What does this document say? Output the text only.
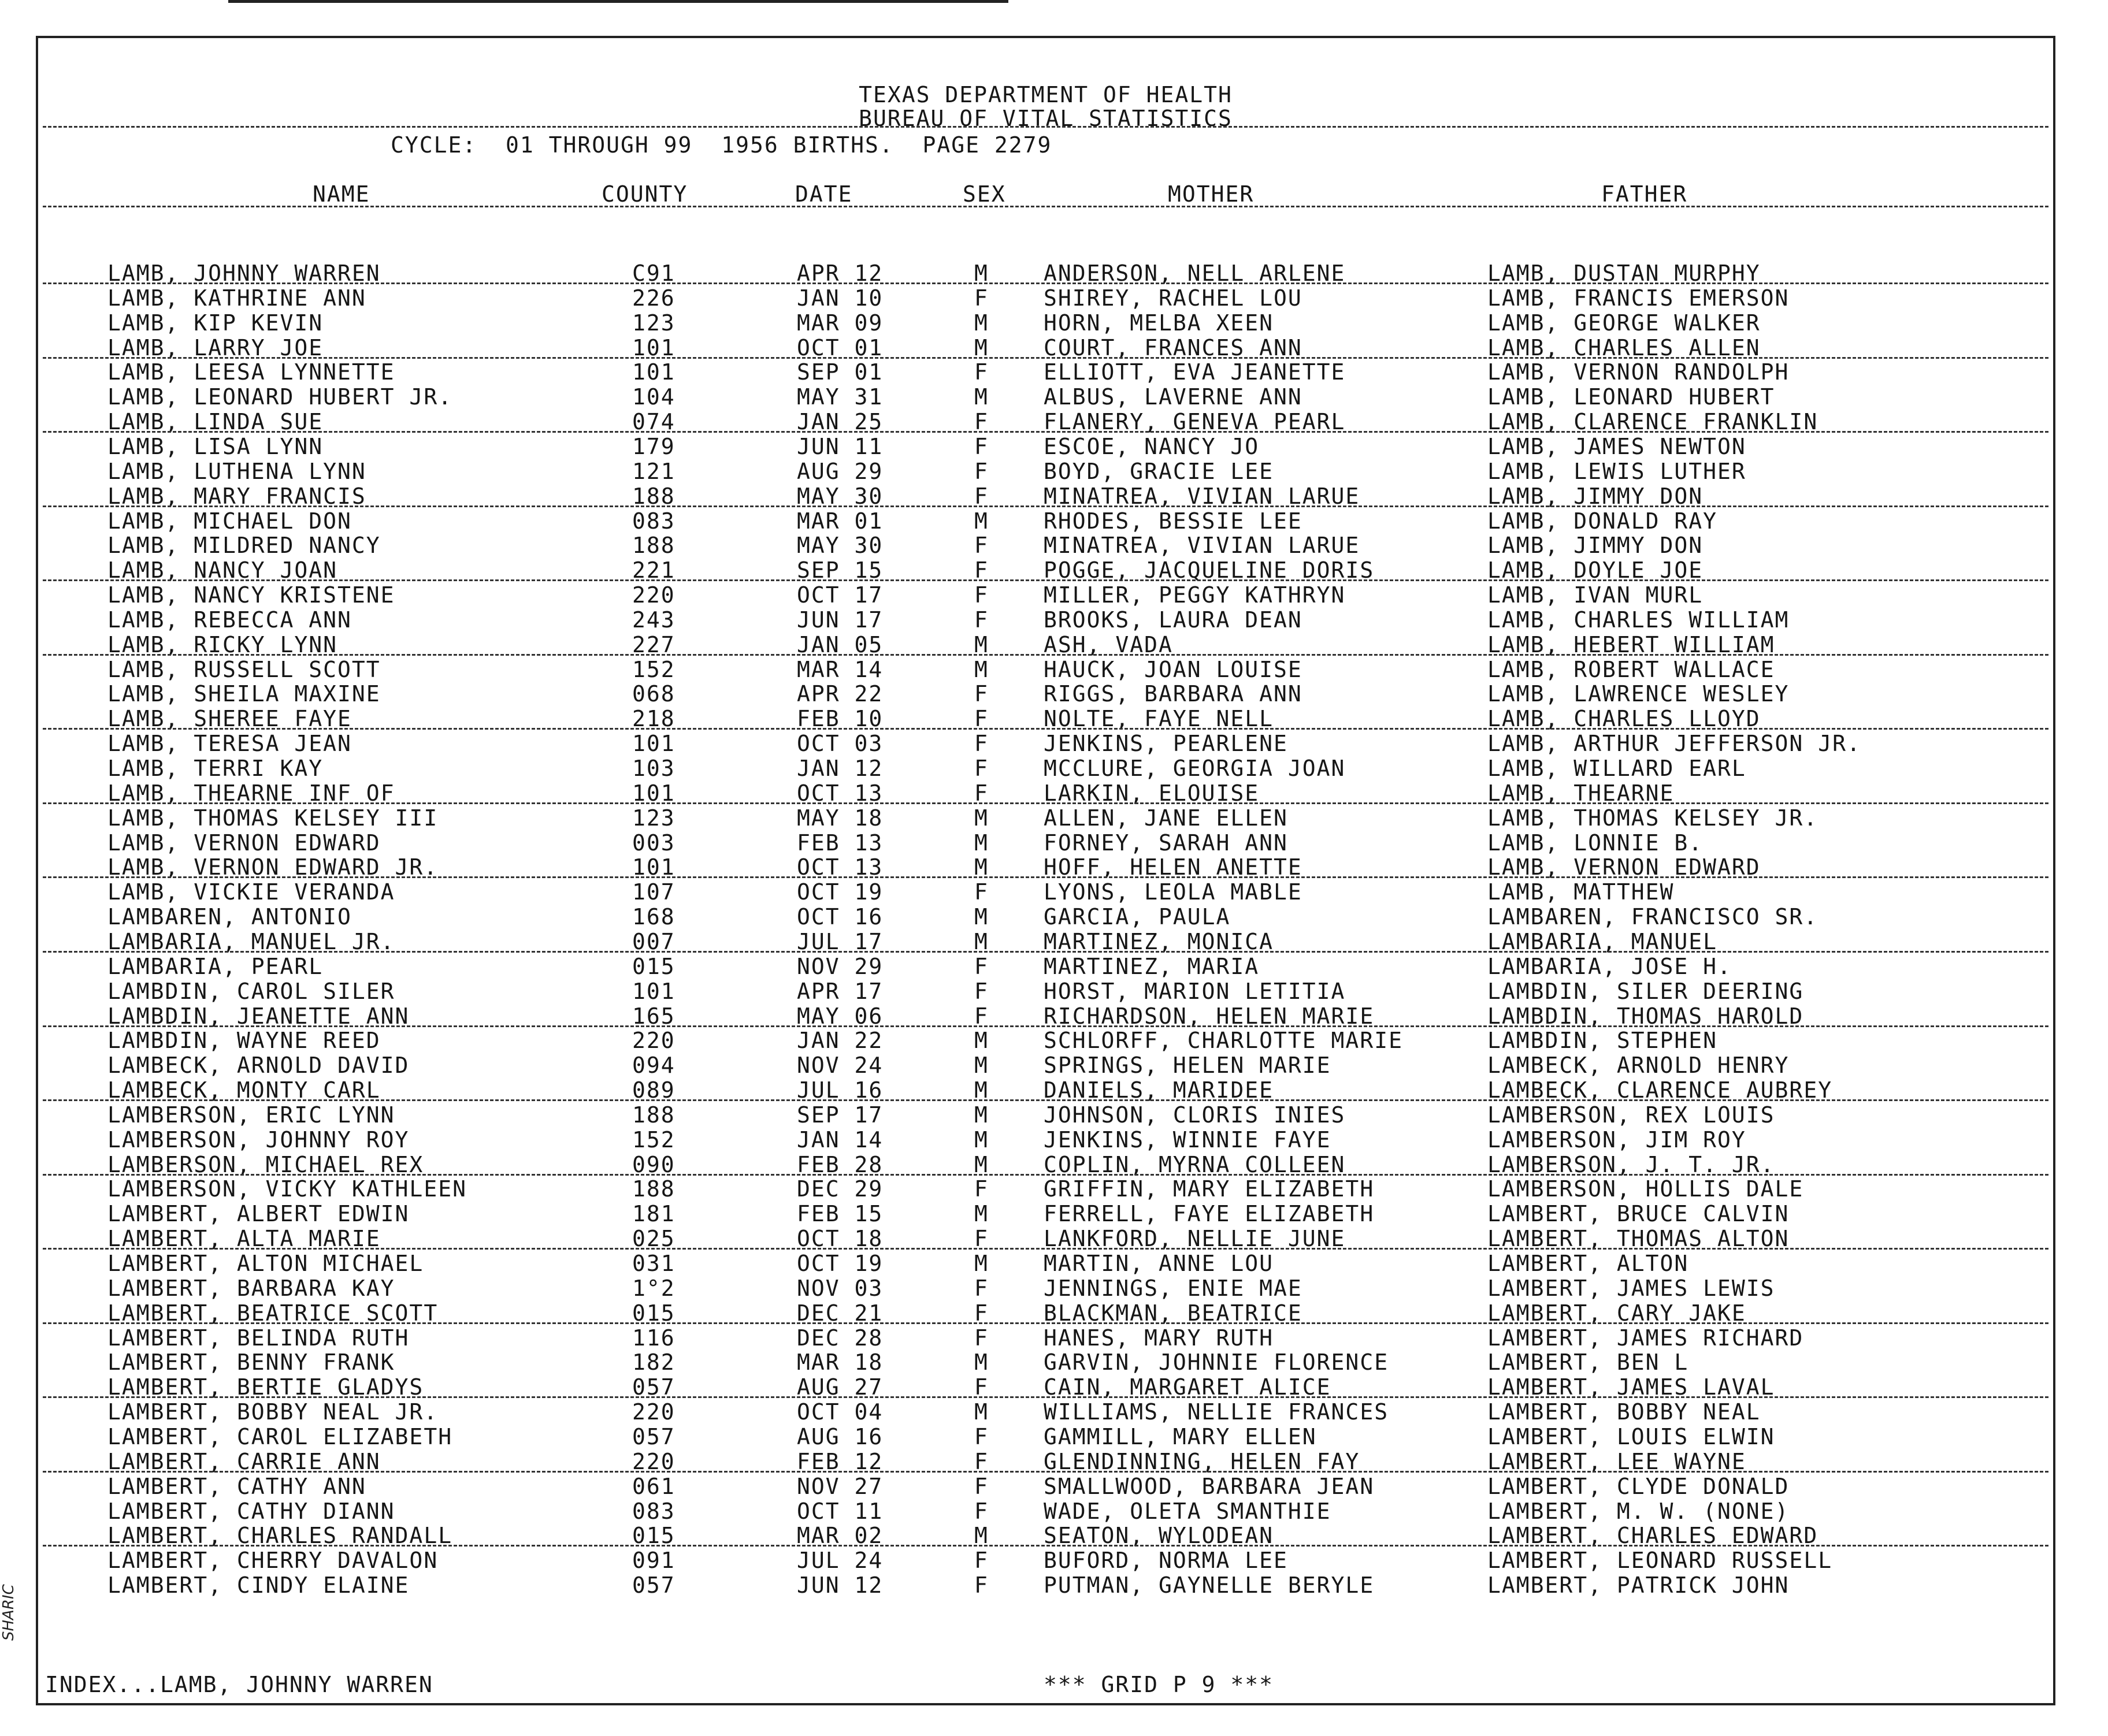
SHARIC
TEXAS DEPARTMENT OF HEALTH
BUREAU OF VITAL STATISTICS
CYCLE:  01 THROUGH 99  1956 BIRTHS.  PAGE 2279
NAME	COUNTY	DATE	SEX	MOTHER	FATHER
LAMB, JOHNNY WARREN	C91	APR 12	M	ANDERSON, NELL ARLENE	LAMB, DUSTAN MURPHY
LAMB, KATHRINE ANN	226	JAN 10	F	SHIREY, RACHEL LOU	LAMB, FRANCIS EMERSON
LAMB, KIP KEVIN	123	MAR 09	M	HORN, MELBA XEEN	LAMB, GEORGE WALKER
LAMB, LARRY JOE	101	OCT 01	M	COURT, FRANCES ANN	LAMB, CHARLES ALLEN
LAMB, LEESA LYNNETTE	101	SEP 01	F	ELLIOTT, EVA JEANETTE	LAMB, VERNON RANDOLPH
LAMB, LEONARD HUBERT JR.	104	MAY 31	M	ALBUS, LAVERNE ANN	LAMB, LEONARD HUBERT
LAMB, LINDA SUE	074	JAN 25	F	FLANERY, GENEVA PEARL	LAMB, CLARENCE FRANKLIN
LAMB, LISA LYNN	179	JUN 11	F	ESCOE, NANCY JO	LAMB, JAMES NEWTON
LAMB, LUTHENA LYNN	121	AUG 29	F	BOYD, GRACIE LEE	LAMB, LEWIS LUTHER
LAMB, MARY FRANCIS	188	MAY 30	F	MINATREA, VIVIAN LARUE	LAMB, JIMMY DON
LAMB, MICHAEL DON	083	MAR 01	M	RHODES, BESSIE LEE	LAMB, DONALD RAY
LAMB, MILDRED NANCY	188	MAY 30	F	MINATREA, VIVIAN LARUE	LAMB, JIMMY DON
LAMB, NANCY JOAN	221	SEP 15	F	POGGE, JACQUELINE DORIS	LAMB, DOYLE JOE
LAMB, NANCY KRISTENE	220	OCT 17	F	MILLER, PEGGY KATHRYN	LAMB, IVAN MURL
LAMB, REBECCA ANN	243	JUN 17	F	BROOKS, LAURA DEAN	LAMB, CHARLES WILLIAM
LAMB, RICKY LYNN	227	JAN 05	M	ASH, VADA	LAMB, HEBERT WILLIAM
LAMB, RUSSELL SCOTT	152	MAR 14	M	HAUCK, JOAN LOUISE	LAMB, ROBERT WALLACE
LAMB, SHEILA MAXINE	068	APR 22	F	RIGGS, BARBARA ANN	LAMB, LAWRENCE WESLEY
LAMB, SHEREE FAYE	218	FEB 10	F	NOLTE, FAYE NELL	LAMB, CHARLES LLOYD
LAMB, TERESA JEAN	101	OCT 03	F	JENKINS, PEARLENE	LAMB, ARTHUR JEFFERSON JR.
LAMB, TERRI KAY	103	JAN 12	F	MCCLURE, GEORGIA JOAN	LAMB, WILLARD EARL
LAMB, THEARNE INF OF	101	OCT 13	F	LARKIN, ELOUISE	LAMB, THEARNE
LAMB, THOMAS KELSEY III	123	MAY 18	M	ALLEN, JANE ELLEN	LAMB, THOMAS KELSEY JR.
LAMB, VERNON EDWARD	003	FEB 13	M	FORNEY, SARAH ANN	LAMB, LONNIE B.
LAMB, VERNON EDWARD JR.	101	OCT 13	M	HOFF, HELEN ANETTE	LAMB, VERNON EDWARD
LAMB, VICKIE VERANDA	107	OCT 19	F	LYONS, LEOLA MABLE	LAMB, MATTHEW
LAMBAREN, ANTONIO	168	OCT 16	M	GARCIA, PAULA	LAMBAREN, FRANCISCO SR.
LAMBARIA, MANUEL JR.	007	JUL 17	M	MARTINEZ, MONICA	LAMBARIA, MANUEL
LAMBARIA, PEARL	015	NOV 29	F	MARTINEZ, MARIA	LAMBARIA, JOSE H.
LAMBDIN, CAROL SILER	101	APR 17	F	HORST, MARION LETITIA	LAMBDIN, SILER DEERING
LAMBDIN, JEANETTE ANN	165	MAY 06	F	RICHARDSON, HELEN MARIE	LAMBDIN, THOMAS HAROLD
LAMBDIN, WAYNE REED	220	JAN 22	M	SCHLORFF, CHARLOTTE MARIE	LAMBDIN, STEPHEN
LAMBECK, ARNOLD DAVID	094	NOV 24	M	SPRINGS, HELEN MARIE	LAMBECK, ARNOLD HENRY
LAMBECK, MONTY CARL	089	JUL 16	M	DANIELS, MARIDEE	LAMBECK, CLARENCE AUBREY
LAMBERSON, ERIC LYNN	188	SEP 17	M	JOHNSON, CLORIS INIES	LAMBERSON, REX LOUIS
LAMBERSON, JOHNNY ROY	152	JAN 14	M	JENKINS, WINNIE FAYE	LAMBERSON, JIM ROY
LAMBERSON, MICHAEL REX	090	FEB 28	M	COPLIN, MYRNA COLLEEN	LAMBERSON, J. T. JR.
LAMBERSON, VICKY KATHLEEN	188	DEC 29	F	GRIFFIN, MARY ELIZABETH	LAMBERSON, HOLLIS DALE
LAMBERT, ALBERT EDWIN	181	FEB 15	M	FERRELL, FAYE ELIZABETH	LAMBERT, BRUCE CALVIN
LAMBERT, ALTA MARIE	025	OCT 18	F	LANKFORD, NELLIE JUNE	LAMBERT, THOMAS ALTON
LAMBERT, ALTON MICHAEL	031	OCT 19	M	MARTIN, ANNE LOU	LAMBERT, ALTON
LAMBERT, BARBARA KAY	1°2	NOV 03	F	JENNINGS, ENIE MAE	LAMBERT, JAMES LEWIS
LAMBERT, BEATRICE SCOTT	015	DEC 21	F	BLACKMAN, BEATRICE	LAMBERT, CARY JAKE
LAMBERT, BELINDA RUTH	116	DEC 28	F	HANES, MARY RUTH	LAMBERT, JAMES RICHARD
LAMBERT, BENNY FRANK	182	MAR 18	M	GARVIN, JOHNNIE FLORENCE	LAMBERT, BEN L
LAMBERT, BERTIE GLADYS	057	AUG 27	F	CAIN, MARGARET ALICE	LAMBERT, JAMES LAVAL
LAMBERT, BOBBY NEAL JR.	220	OCT 04	M	WILLIAMS, NELLIE FRANCES	LAMBERT, BOBBY NEAL
LAMBERT, CAROL ELIZABETH	057	AUG 16	F	GAMMILL, MARY ELLEN	LAMBERT, LOUIS ELWIN
LAMBERT, CARRIE ANN	220	FEB 12	F	GLENDINNING, HELEN FAY	LAMBERT, LEE WAYNE
LAMBERT, CATHY ANN	061	NOV 27	F	SMALLWOOD, BARBARA JEAN	LAMBERT, CLYDE DONALD
LAMBERT, CATHY DIANN	083	OCT 11	F	WADE, OLETA SMANTHIE	LAMBERT, M. W. (NONE)
LAMBERT, CHARLES RANDALL	015	MAR 02	M	SEATON, WYLODEAN	LAMBERT, CHARLES EDWARD
LAMBERT, CHERRY DAVALON	091	JUL 24	F	BUFORD, NORMA LEE	LAMBERT, LEONARD RUSSELL
LAMBERT, CINDY ELAINE	057	JUN 12	F	PUTMAN, GAYNELLE BERYLE	LAMBERT, PATRICK JOHN
INDEX...LAMB, JOHNNY WARREN	*** GRID P 9 ***
